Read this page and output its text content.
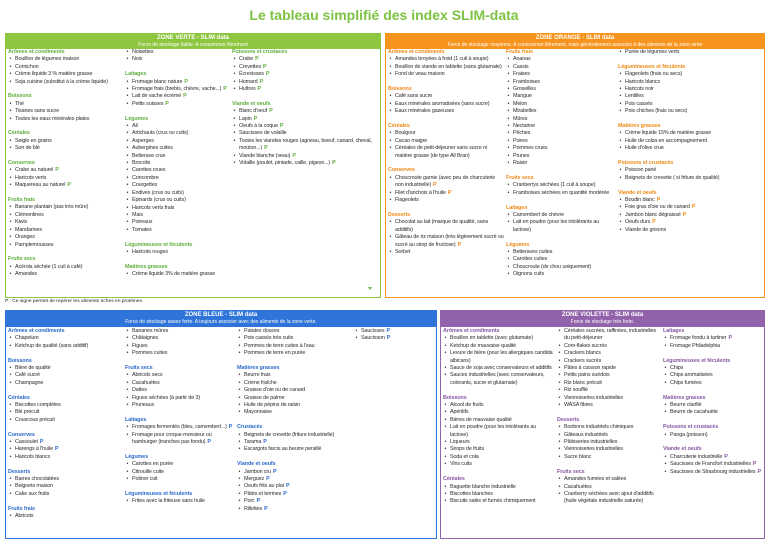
Le tableau simplifié des index SLIM-data
ZONE VERTE - SLIM data
Force de stockage faible. A consommer librement
Arômes et condiments
• Bouillon de légumes maison
• Cornichon
• Crème liquide 3 % matière grasse
• Soja cuisine (substitut à la crème liquide)
Boissons
• Thé
• Tisanes sans sucre
• Toutes les eaux minérales plates
Céréales
• Seigle en grains
• Son de blé
Conserves
• Crabe au naturel P
• Haricots verts
• Maquereau au naturel P
Fruits frais
• Banane plantain (pas très mûre)
• Clémentines
• Kiwis
• Mandarines
• Oranges
• Pamplemousses
Fruits secs
• Acérola séchée (1 cuil à café)
• Amandes
• Noisettes
• Noix
Laitages
• Fromage blanc nature P
• Fromage frais (brebis, chèvre, vache...) P
• Lait de vache écrémé P
• Petits suisses P
Légumes
• Ail
• Artichauts (crus ou cuits)
• Asperges
• Aubergines cuites
• Betterave crue
• Brocolis
• Carottes crues
• Concombre
• Courgettes
• Endives (crus ou cuits)
• Épinards (crus ou cuits)
• Haricots verts frais
• Mais
• Poireaux
• Tomates
Légumineuses et féculents
• Haricots rouges
Matières grasses
• Crème liquide 3% de matière grasse
Poissons et crustacés
• Crabe P
• Crevettes P
• Écrevisses P
• Homard P
• Huîtres P
Viande et oeufs
• Blanc d'oeuf P
• Lapin P
• Oeufs à la coque P
• Saucisses de volaille
• Toutes les viandes rouges (agneau, boeuf, canard, cheval, mouton...) P
• Viande blanche (veau) P
• Volaille (poulet, pintade, caille, pigeon...) P
ZONE ORANGE - SLIM data
Force de stockage moyenne. A consommer librement, mais généralement associés à des aliments de la zone verte
Arômes et condiments
• Amandes broyées à froid (1 cuil à soupe)
• Bouillon de viande en tablette (sans glutamate)
• Fond de veau maison
Boissons
• Café sans sucre
• Eaux minérales aromatisées (sans sucre)
• Eaux minérales gazeuses
Céréales
• Boulgour
• Cacao maigre
• Céréales de petit-déjeuner sans sucre ni matière grasse (de type All Bran)
Conserves
• Choucroute garnie (avec peu de charcuterie non industrielle) P
• Filet d'anchois à l'huile P
• Flageolets
Desserts
• Chocolat au lait (marque de qualité, sans additifs)
• Gâteau de riz maison (très légèrement sucré ou sucré au sirop de fructose) P
• Sorbet
Fruits frais
• Ananas
• Cassis
• Fraises
• Framboises
• Groseilles
• Mangue
• Melon
• Mirabelles
• Mûres
• Nectarine
• Pêches
• Poires
• Pommes crues
• Prunes
• Raisin
Fruits secs
• Cranberrys séchées (1 cuil à soupe)
• Framboises séchées en quantité modérée
Laitages
• Camembert de chèvre
• Lait en poudre (pour les intolérants au lactose)
Légumes
• Betteraves cuites
• Carottes cuites
• Choucroute (de chou uniquement)
• Oignons cuits
• Purée de légumes verts
Légumineuses et féculents
• Flageolets (frais ou secs)
• Haricots blancs
• Haricots noir
• Lentilles
• Pois cassés
• Pois chiches (frais ou secs)
Matières grasses
• Crème liquide 15% de matière grasse
• Huile de colza en accompagnement
• Huile d'olive crue
Poissons et crustacés
• Poisson pané
• Beignets de crevette ( si friture de qualité)
Viande et oeufs
• Boudin blanc P
• Foie gras d'oie ou de canard P
• Jambon blanc dégraissé P
• Oeufs durs P
• Viande de grisons
ZONE BLEUE - SLIM data
Force de stockage assez forte. A toujours associer avec des aliments de la zone verte.
Arômes et condiments
• Chapelure
• Ketchup de qualité (sans additif)
Boissons
• Bière de qualité
• Café sucré
• Champagne
Céréales
• Biscottes complètes
• Blé précuit
• Couscous précuit
Conserves
• Cassoulet P
• Harengs à l'huile P
• Haricots blancs
Desserts
• Barres chocolatées
• Beignets maison
• Cake aux fruits
Fruits frais
• Abricots
• Bananes mûres
• Châtaignes
• Figues
• Pommes cuites
Fruits secs
• Abricots secs
• Cacahuètes
• Dattes
• Figues séchées (à partir de 3)
• Pruneaux
Laitages
• Fromages fermentés (bleu, camembert...) P
• Fromage pour croque-monsieur ou hamburger (tranches pas fondu) P
Légumes
• Carottes en purée
• Citrouille cuite
• Potiron cuit
Légumineuses et féculents
• Frites avec la friteuse sans huile
• Patates douces
• Pois cassés très cuits
• Pommes de terre cuites à l'eau
• Pommes de terre en purée
Matières grasses
• Beurre frais
• Crème fraîche
• Graisse d'oie ou de canard
• Graisse de palme
• Huile de pépins de raisin
• Mayonnaise
Crustacés
• Beignets de crevette (friture industrielle)
• Tarama P
• Escargots farcis au beurre persillé
Viande et oeufs
• Jambon cru P
• Merguez P
• Oeufs frits au plat P
• Pâtés et terrines P
• Porc P
• Rillettes P
• Saucisses P
• Saucisson P
ZONE VIOLETTE - SLIM data
Force de stockage très forte.
Arômes et condiments
• Bouillon en tablette (avec glutamate)
• Ketchup de mauvaise qualité
• Levure de bière (pour les allergiques candida albicans)
• Sauce de soja avec conservateurs et additifs
• Sauces industrielles (avec conservateurs, colorants, sucre et glutamate)
Boissons
• Alcool de fruits
• Apéritifs
• Bières de mauvaise qualité
• Lait en poudre (pour les intolérants au lactose)
• Liqueurs
• Sirops de fruits
• Soda et cola
• Vins cuits
Céréales
• Baguette blanche industrielle
• Biscottes blanches
• Biscuits salés et fumés chimiquement
• Céréales sucrées, raffinées, industrielles du petit-déjeuner
• Corn-flakes sucrés
• Crackers blancs
• Crackers sucrés
• Pâtes à cuisson rapide
• Petits pains suédois
• Riz blanc précuit
• Riz soufflé
• Viennoiseries industrielles
• WASA fibres
Desserts
• Bonbons industriels chimiques
• Gâteaux industriels
• Pâtisseries industrielles
• Viennoiseries industrielles
• Sucre blanc
Fruits secs
• Amandes fumées et salées
• Cacahuètes
• Cranberry séchées avec ajout d'additifs (huile végétale industrielle saturée)
Laitages
• Fromage fondu à tartiner P
• Fromage Philadelphia
Légumineuses et féculents
• Chips
• Chips aromatisées
• Chips fumées
Matières grasses
• Beurre clarifié
• Beurre de cacahuète
Poissons et crustacés
• Panga (poisson)
Viande et oeufs
• Charcuterie industrielle P
• Saucisses de Francfort industrielles P
• Saucisses de Strasbourg industrielles P
P : Ce signe permet de repérer les aliments riches en protéines.
